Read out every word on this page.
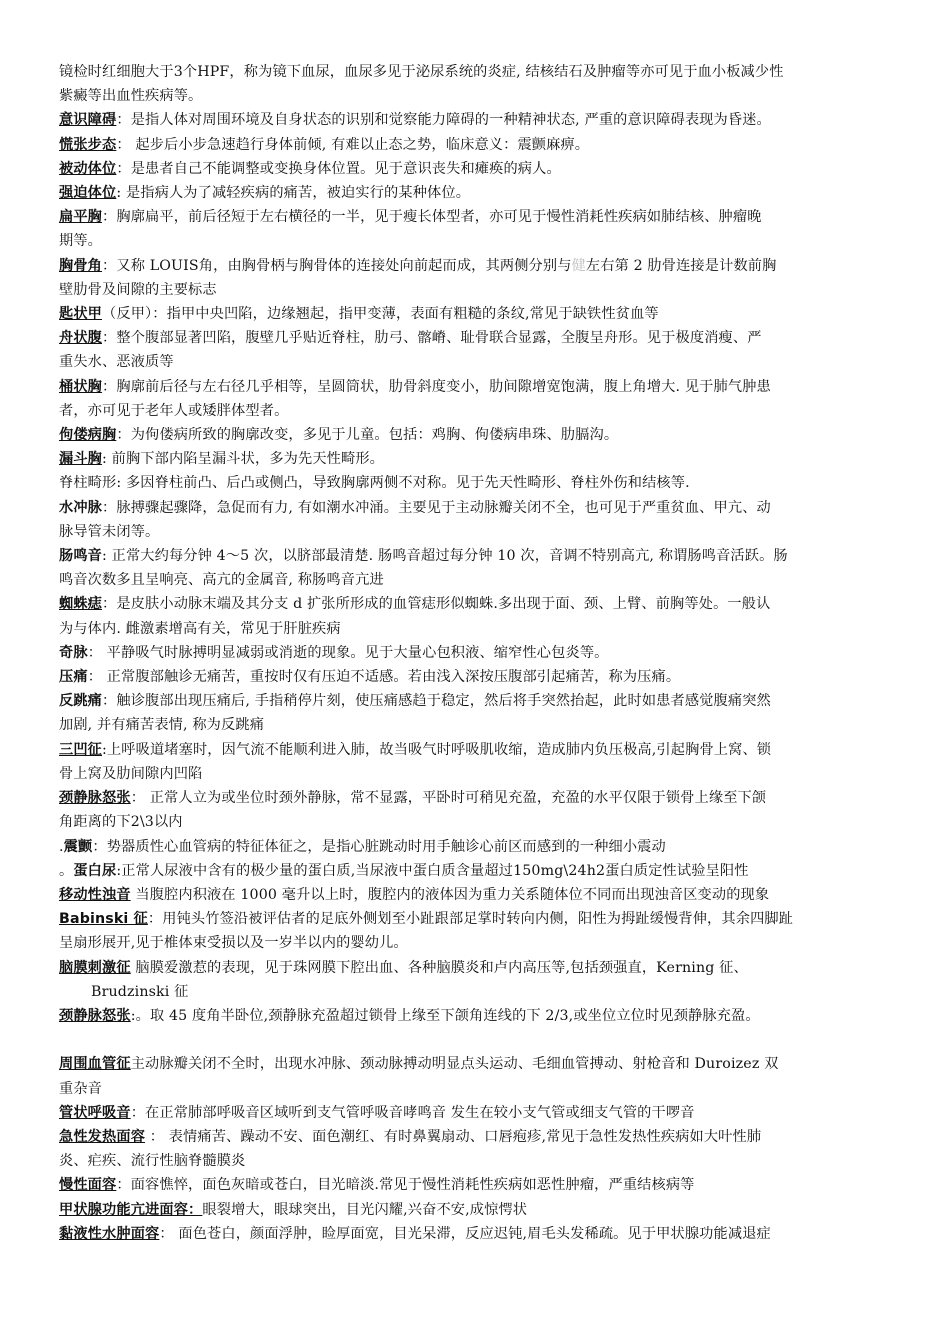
镜检时红细胞大于3个HPF，称为镜下血尿，血尿多见于泌尿系统的炎症, 结核结石及肿瘤等亦可见于血小板减少性
紫癜等出血性疾病等。
意识障碍：是指人体对周围环境及自身状态的识别和觉察能力障碍的一种精神状态, 严重的意识障碍表现为昏迷。
慌张步态： 起步后小步急速趋行身体前倾, 有难以止态之势，临床意义：震颤麻痹。
被动体位：是患者自己不能调整或变换身体位置。见于意识丧失和瘫痪的病人。
强迫体位: 是指病人为了减轻疾病的痛苦，被迫实行的某种体位。
扁平胸：胸廓扁平，前后径短于左右横径的一半，见于瘦长体型者，亦可见于慢性消耗性疾病如肺结核、肿瘤晚
期等。
胸骨角：又称 LOUIS角，由胸骨柄与胸骨体的连接处向前起而成，其两侧分别与健左右第 2 肋骨连接是计数前胸
壁肋骨及间隙的主要标志
匙状甲（反甲）：指甲中央凹陷，边缘翘起，指甲变薄，表面有粗糙的条纹,常见于缺铁性贫血等
舟状腹：整个腹部显著凹陷，腹壁几乎贴近脊柱，肋弓、髂嵴、耻骨联合显露，全腹呈舟形。见于极度消瘦、严
重失水、恶液质等
桶状胸：胸廓前后径与左右径几乎相等，呈圆筒状，肋骨斜度变小，肋间隙增宽饱满，腹上角增大. 见于肺气肿患
者，亦可见于老年人或矮胖体型者。
佝偻病胸：为佝偻病所致的胸廓改变，多见于儿童。包括：鸡胸、佝偻病串珠、肋膈沟。
漏斗胸: 前胸下部内陷呈漏斗状，多为先天性畸形。
脊柱畸形: 多因脊柱前凸、后凸或侧凸，导致胸廓两侧不对称。见于先天性畸形、脊柱外伤和结核等.
水冲脉：脉搏骤起骤降，急促而有力, 有如潮水冲涌。主要见于主动脉瓣关闭不全，也可见于严重贫血、甲亢、动
脉导管未闭等。
肠鸣音: 正常大约每分钟 4～5 次，以脐部最清楚. 肠鸣音超过每分钟 10 次，音调不特别高亢, 称谓肠鸣音活跃。肠
鸣音次数多且呈响亮、高亢的金属音, 称肠鸣音亢进
蜘蛛痣：是皮肤小动脉末端及其分支 d 扩张所形成的血管痣形似蜘蛛.多出现于面、颈、上臂、前胸等处。一般认
为与体内. 雌激素增高有关，常见于肝脏疾病
奇脉： 平静吸气时脉搏明显减弱或消逝的现象。见于大量心包积液、缩窄性心包炎等。
压痛： 正常腹部触诊无痛苦，重按时仅有压迫不适感。若由浅入深按压腹部引起痛苦，称为压痛。
反跳痛：触诊腹部出现压痛后, 手指稍停片刻，使压痛感趋于稳定，然后将手突然抬起，此时如患者感觉腹痛突然
加剧, 并有痛苦表情, 称为反跳痛
三凹征:上呼吸道堵塞时，因气流不能顺利进入肺，故当吸气时呼吸肌收缩，造成肺内负压极高,引起胸骨上窝、锁
骨上窝及肋间隙内凹陷
颈静脉怒张： 正常人立为或坐位时颈外静脉，常不显露，平卧时可稍见充盈，充盈的水平仅限于锁骨上缘至下颌
角距离的下2\3以内
.震颤：势器质性心血管病的特征体征之，是指心脏跳动时用手触诊心前区而感到的一种细小震动
。蛋白尿:正常人尿液中含有的极少量的蛋白质,当尿液中蛋白质含量超过150mg\24h2蛋白质定性试验呈阳性
移动性浊音 当腹腔内积液在 1000 毫升以上时，腹腔内的液体因为重力关系随体位不同而出现浊音区变动的现象
Babinski 征：用钝头竹签沿被评估者的足底外侧划至小趾跟部足掌时转向内侧，阳性为拇趾缓慢背伸，其余四脚趾
呈扇形展开,见于椎体束受损以及一岁半以内的婴幼儿。
脑膜刺激征 脑膜爱激惹的表现，见于珠网膜下腔出血、各种脑膜炎和卢内高压等,包括颈强直，Kerning 征、
Brudzinski 征
颈静脉怒张:。取 45 度角半卧位,颈静脉充盈超过锁骨上缘至下颌角连线的下 2/3,或坐位立位时见颈静脉充盈。
周围血管征主动脉瓣关闭不全时，出现水冲脉、颈动脉搏动明显点头运动、毛细血管搏动、射枪音和 Duroizez 双
重杂音
管状呼吸音：在正常肺部呼吸音区域听到支气管呼吸音哮鸣音 发生在较小支气管或细支气管的干啰音
急性发热面容 ： 表情痛苦、躁动不安、面色潮红、有时鼻翼扇动、口唇疱疹,常见于急性发热性疾病如大叶性肺
炎、疟疾、流行性脑脊髓膜炎
慢性面容：面容憔悴，面色灰暗或苍白，目光暗淡.常见于慢性消耗性疾病如恶性肿瘤，严重结核病等
甲状腺功能亢进面容：眼裂增大，眼球突出，目光闪耀,兴奋不安,成惊愕状
黏液性水肿面容： 面色苍白，颜面浮肿，睑厚面宽，目光呆滞，反应迟钝,眉毛头发稀疏。见于甲状腺功能减退症
